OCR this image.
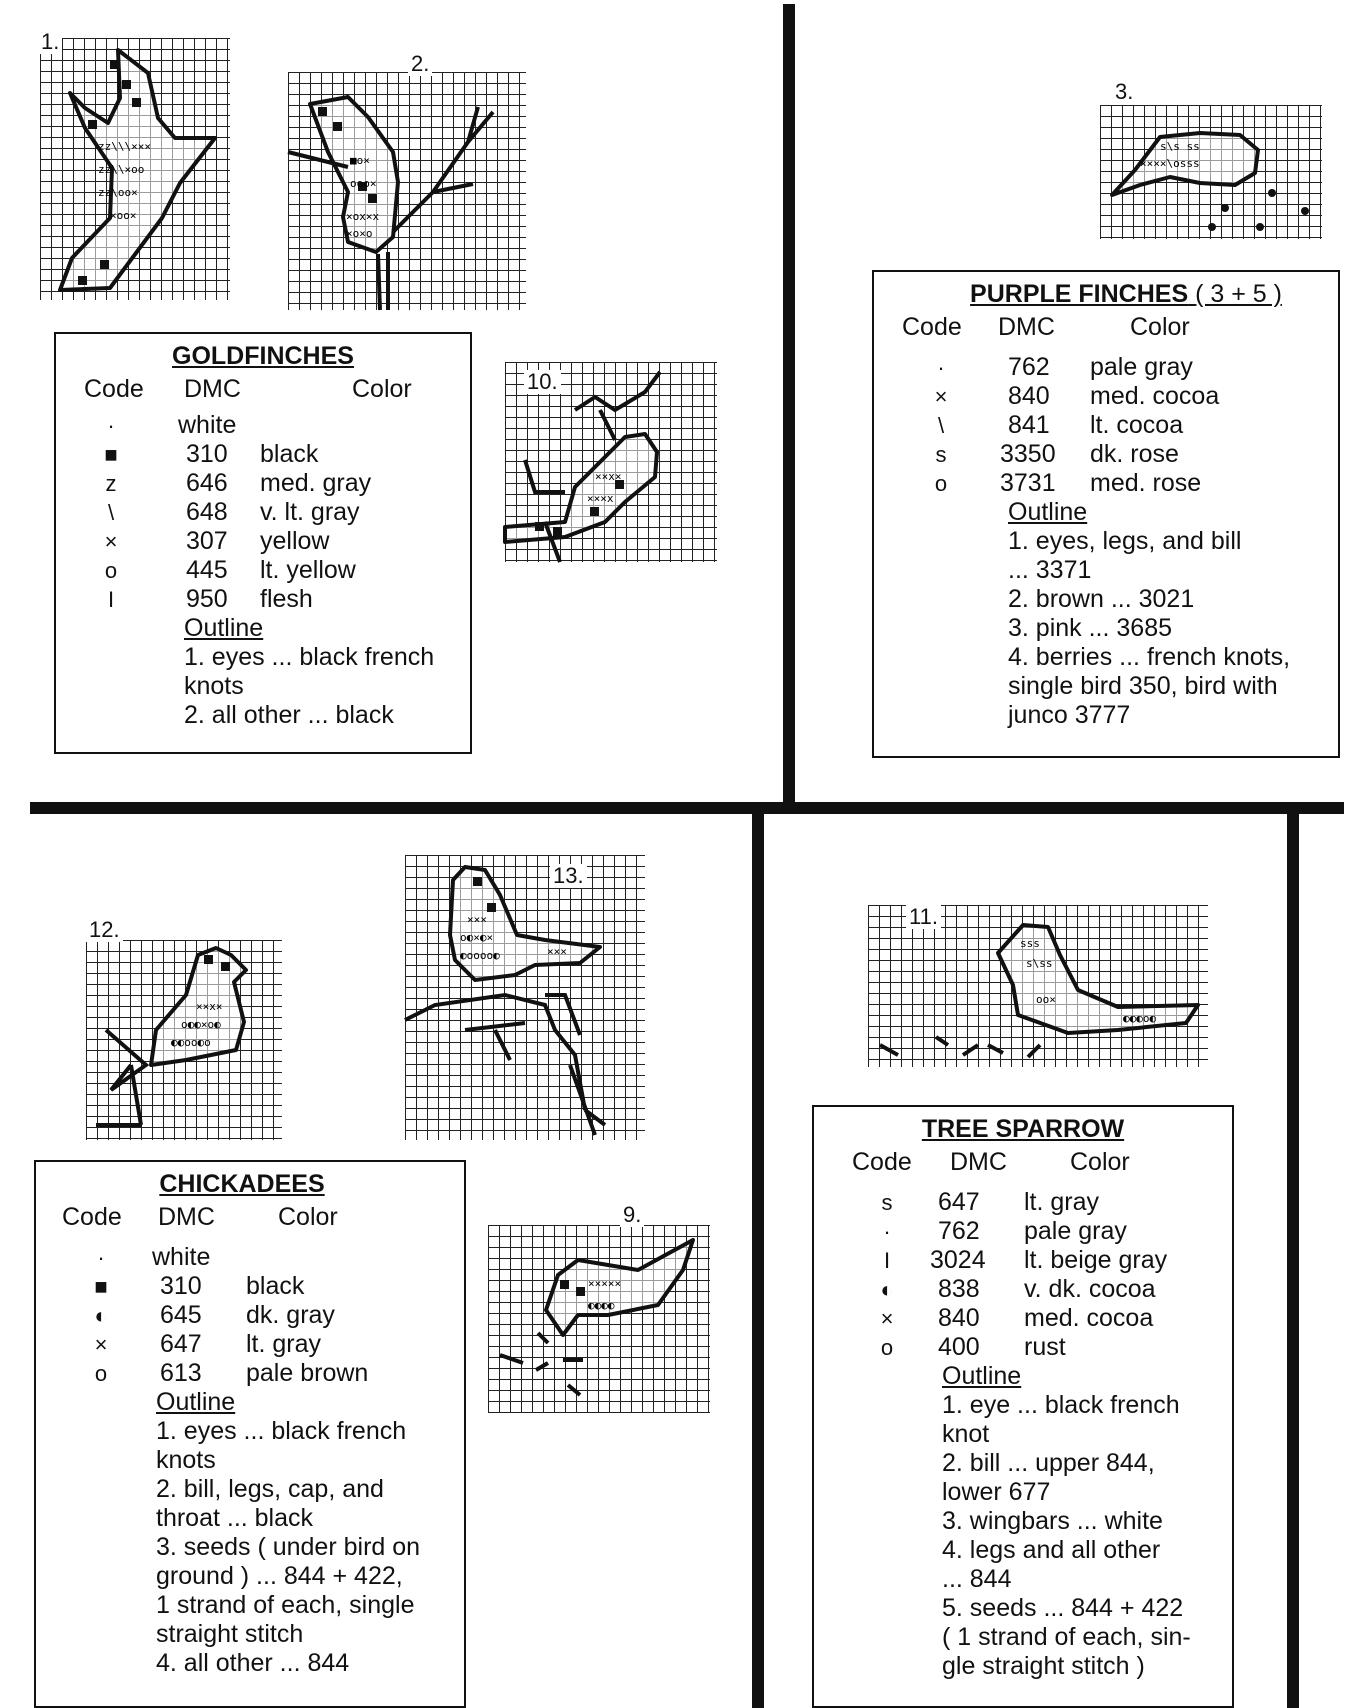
zz\\\×××
zz\\×oo
zz\oo×
×oo×
1.
■o×
ooo×
×ox×x
×o×o
2.
××x×
×××x
10.
s\s ss
××××\osss
3.
××x×
o◐◐×o◐
◐◐oo◐o
12.	×××
o◐×◐×
◐oooo◐	×××
13.
sss
s\ss
oo×
◐◐◐o◐
11.
×××××
◐◐◐◐
9.
GOLDFINCHES
Code DMC	Color
·	white
■	310 black
z	646 med. gray
\	648 v. lt. gray
×	307 yellow
o	445 lt. yellow
I	950 flesh
Outline

1. eyes ... black french

knots

2. all other ... black

PURPLE FINCHES ( 3 + 5 )
Code DMC	Color
·	762 pale gray
×	840 med. cocoa
\	841 lt. cocoa
s	3350 dk. rose
o	3731 med. rose
Outline

1. eyes, legs, and bill

... 3371

2. brown ... 3021

3. pink ... 3685

4. berries ... french knots,

single bird 350, bird with

junco 3777

CHICKADEES
Code DMC	Color
·	white
■	310 black
◐	645 dk. gray
×	647 lt. gray
o	613 pale brown
Outline

1. eyes ... black french

knots

2. bill, legs, cap, and

throat ... black

3. seeds ( under bird on

ground ) ... 844 + 422,

1 strand of each, single

straight stitch

4. all other ... 844

TREE SPARROW
Code DMC	Color
s	647 lt. gray
·	762 pale gray
I	3024 lt. beige gray
◐	838 v. dk. cocoa
×	840 med. cocoa
o	400 rust
Outline

1. eye ... black french

knot

2. bill ... upper 844,

lower 677

3. wingbars ... white

4. legs and all other

... 844

5. seeds ... 844 + 422

( 1 strand of each, sin-

gle straight stitch )
